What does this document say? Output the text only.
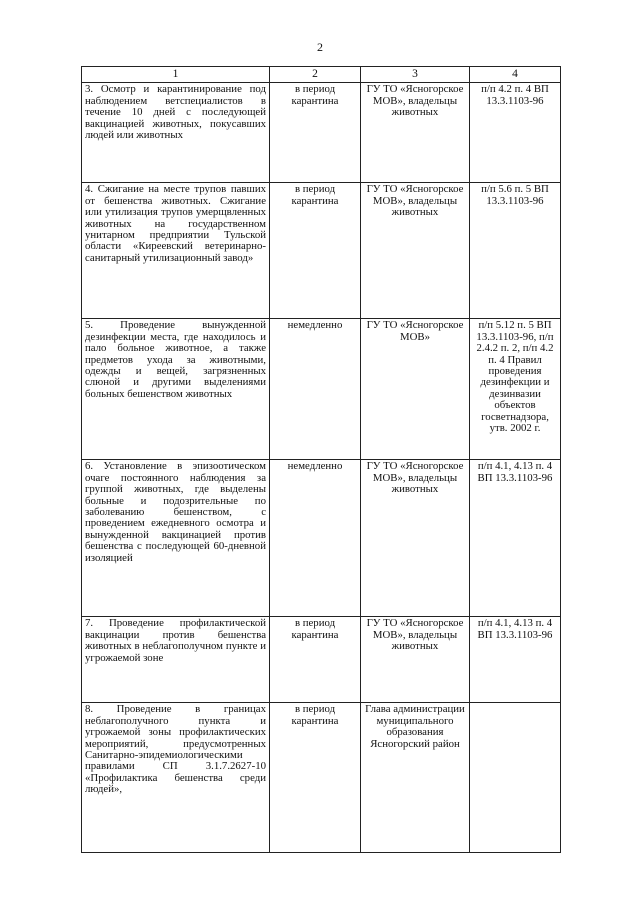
2
1	2	3	4
3. Осмотр и карантинирование под наблюдением ветспециалистов в течение 10 дней с последующей вакцинацией животных, покусавших людей или животных	в период карантина	ГУ ТО «Ясногорское МОВ», владельцы животных	п/п 4.2 п. 4 ВП 13.3.1103-96
4. Сжигание на месте трупов павших от бешенства животных. Сжигание или утилизация трупов умерщвленных животных на государственном унитарном предприятии Тульской области «Киреевский ветеринарно-санитарный утилизационный завод»	в период карантина	ГУ ТО «Ясногорское МОВ», владельцы животных	п/п 5.6 п. 5 ВП 13.3.1103-96
5. Проведение вынужденной дезинфекции места, где находилось и пало больное животное, а также предметов ухода за животными, одежды и вещей, загрязненных слюной и другими выделениями больных бешенством животных	немедленно	ГУ ТО «Ясногорское МОВ»	п/п 5.12 п. 5 ВП 13.3.1103-96, п/п 2.4.2 п. 2, п/п 4.2 п. 4 Правил проведения дезинфекции и дезинвазии объектов госветнадзора, утв. 2002 г.
6. Установление в эпизоотическом очаге постоянного наблюдения за группой животных, где выделены больные и подозрительные по заболеванию бешенством, с проведением ежедневного осмотра и вынужденной вакцинацией против бешенства с последующей 60-дневной изоляцией	немедленно	ГУ ТО «Ясногорское МОВ», владельцы животных	п/п 4.1, 4.13 п. 4 ВП 13.3.1103-96
7. Проведение профилактической вакцинации против бешенства животных в неблагополучном пункте и угрожаемой зоне	в период карантина	ГУ ТО «Ясногорское МОВ», владельцы животных	п/п 4.1, 4.13 п. 4 ВП 13.3.1103-96
8. Проведение в границах неблагополучного пункта и угрожаемой зоны профилактических мероприятий, предусмотренных Санитарно-эпидемиологическими правилами СП 3.1.7.2627-10 «Профилактика бешенства среди людей»,	в период карантина	Глава администрации муниципального образования Ясногорский район	
